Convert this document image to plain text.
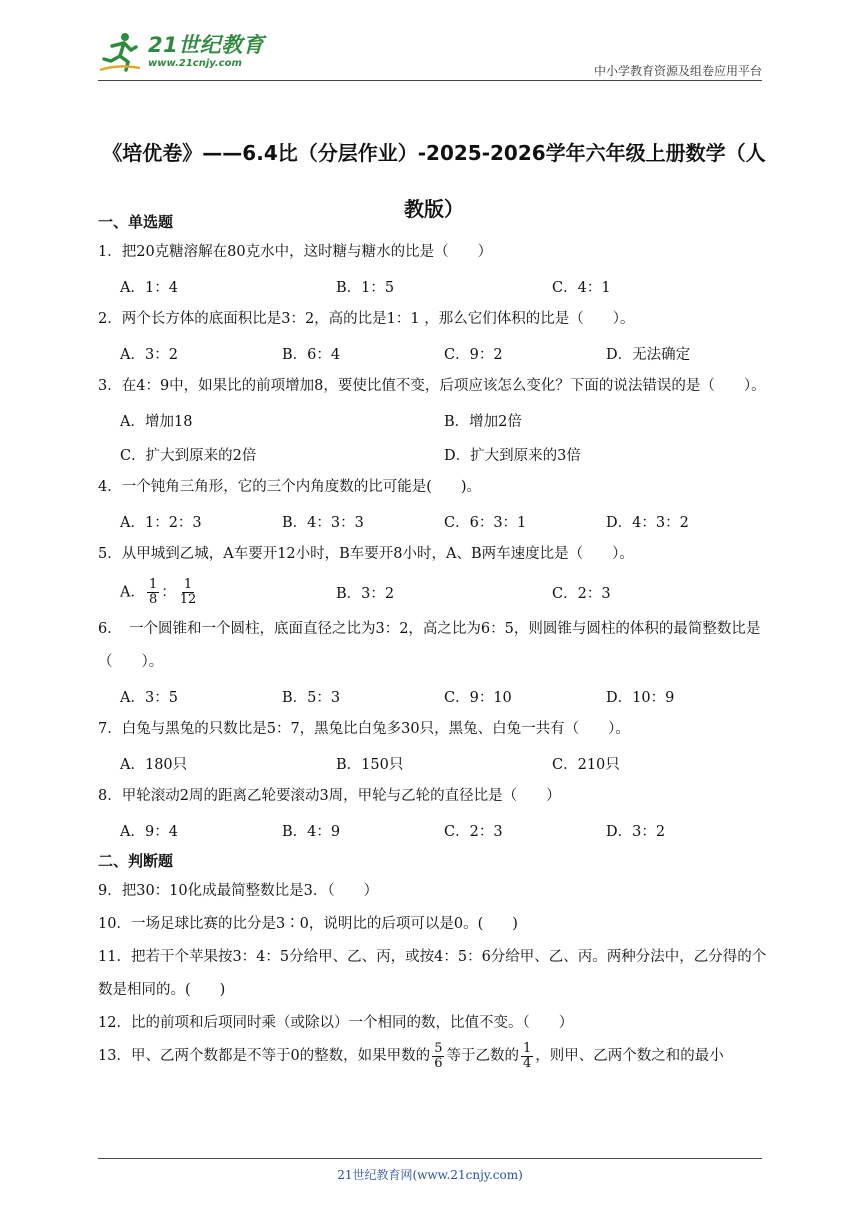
21世纪教育
www.21cnjy.com
中小学教育资源及组卷应用平台
《培优卷》——6.4比（分层作业）-2025-2026学年六年级上册数学（人教版）
一、单选题
1．把20克糖溶解在80克水中，这时糖与糖水的比是（　　）
A．1：4	B．1：5	C．4：1
2．两个长方体的底面积比是3：2，高的比是1：1 ，那么它们体积的比是（　　）。
A．3：2	B．6：4	C．9：2	D．无法确定
3．在4：9中，如果比的前项增加8，要使比值不变，后项应该怎么变化？下面的说法错误的是（　　）。
A．增加18	B．增加2倍
C．扩大到原来的2倍	D．扩大到原来的3倍
4．一个钝角三角形，它的三个内角度数的比可能是(　　)。
A．1：2：3	B．4：3：3	C．6：3：1	D．4：3：2
5．从甲城到乙城，A车要开12小时，B车要开8小时，A、B两车速度比是（　　）。
A． $\frac{1}{8}$ ： $\frac{1}{12}$	B．3：2	C．2：3
6．　一个圆锥和一个圆柱，底面直径之比为3：2，高之比为6：5，则圆锥与圆柱的体积的最简整数比是（　　）。
A．3：5	B．5：3	C．9：10	D．10：9
7．白兔与黑兔的只数比是5：7，黑兔比白兔多30只，黑兔、白兔一共有（　　）。
A．180只	B．150只	C．210只
8．甲轮滚动2周的距离乙轮要滚动3周，甲轮与乙轮的直径比是（　　）
A．9：4	B．4：9	C．2：3	D．3：2
二、判断题
9．把30：10化成最简整数比是3．（　　）
10．一场足球比赛的比分是3∶0，说明比的后项可以是0。(　　)
11．把若干个苹果按3：4：5分给甲、乙、丙，或按4：5：6分给甲、乙、丙。两种分法中，乙分得的个数是相同的。(　　)
12．比的前项和后项同时乘（或除以）一个相同的数，比值不变。（　　）
13．甲、乙两个数都是不等于0的整数，如果甲数的 $\frac{5}{6}$ 等于乙数的 $\frac{1}{4}$ ，则甲、乙两个数之和的最小
21世纪教育网(www.21cnjy.com)
